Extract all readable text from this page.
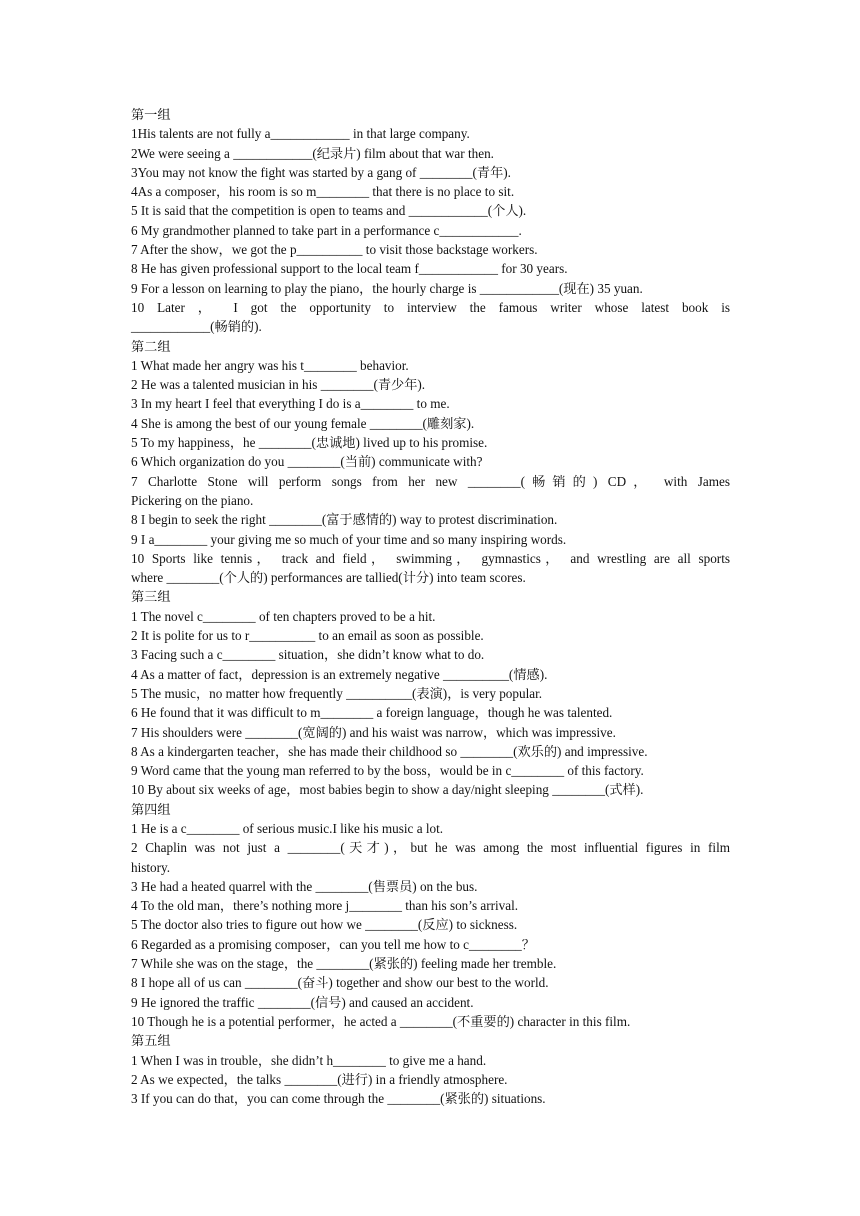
第一组

1His talents are not fully a____________ in that large company.

2We were seeing a ____________(纪录片) film about that war then.

3You may not know the fight was started by a gang of ________(青年).

4As a composer，his room is so m________ that there is no place to sit.

5 It is said that the competition is open to teams and ____________(个人).

6 My grandmother planned to take part in a performance c____________.

7 After the show，we got the p__________ to visit those backstage workers.

8 He has given professional support to the local team f____________ for 30 years.

9 For a lesson on learning to play the piano，the hourly charge is ____________(现在) 35 yuan.

10 Later ， I got the opportunity to interview the famous writer whose latest book is

____________(畅销的).

第二组

1 What made her angry was his t________ behavior.

2 He was a talented musician in his ________(青少年).

3 In my heart I feel that everything I do is a________ to me.

4 She is among the best of our young female ________(雕刻家).

5 To my happiness，he ________(忠诚地) lived up to his promise.

6 Which organization do you ________(当前) communicate with?

7 Charlotte Stone will perform songs from her new ________(畅销的) CD， with James

Pickering on the piano.

8 I begin to seek the right ________(富于感情的) way to protest discrimination.

9 I a________ your giving me so much of your time and so many inspiring words.

10 Sports like tennis， track and field， swimming， gymnastics， and wrestling are all sports

where ________(个人的) performances are tallied(计分) into team scores.

第三组

1 The novel c________ of ten chapters proved to be a hit.

2 It is polite for us to r__________ to an email as soon as possible.

3 Facing such a c________ situation，she didn’t know what to do.

4 As a matter of fact，depression is an extremely negative __________(情感).

5 The music，no matter how frequently __________(表演)，is very popular.

6 He found that it was difficult to m________ a foreign language，though he was talented.

7 His shoulders were ________(宽阔的) and his waist was narrow，which was impressive.

8 As a kindergarten teacher，she has made their childhood so ________(欢乐的) and impressive.

9 Word came that the young man referred to by the boss，would be in c________ of this factory.

10 By about six weeks of age，most babies begin to show a day/night sleeping ________(式样).

第四组

1 He is a c________ of serious music.I like his music a lot.

2 Chaplin was not just a ________(天才)，but he was among the most influential figures in film

history.

3 He had a heated quarrel with the ________(售票员) on the bus.

4 To the old man，there’s nothing more j________ than his son’s arrival.

5 The doctor also tries to figure out how we ________(反应) to sickness.

6 Regarded as a promising composer，can you tell me how to c________？

7 While she was on the stage，the ________(紧张的) feeling made her tremble.

8 I hope all of us can ________(奋斗) together and show our best to the world.

9 He ignored the traffic ________(信号) and caused an accident.

10 Though he is a potential performer，he acted a ________(不重要的) character in this film.

第五组

1 When I was in trouble，she didn’t h________ to give me a hand.

2 As we expected，the talks ________(进行) in a friendly atmosphere.

3 If you can do that，you can come through the ________(紧张的) situations.
